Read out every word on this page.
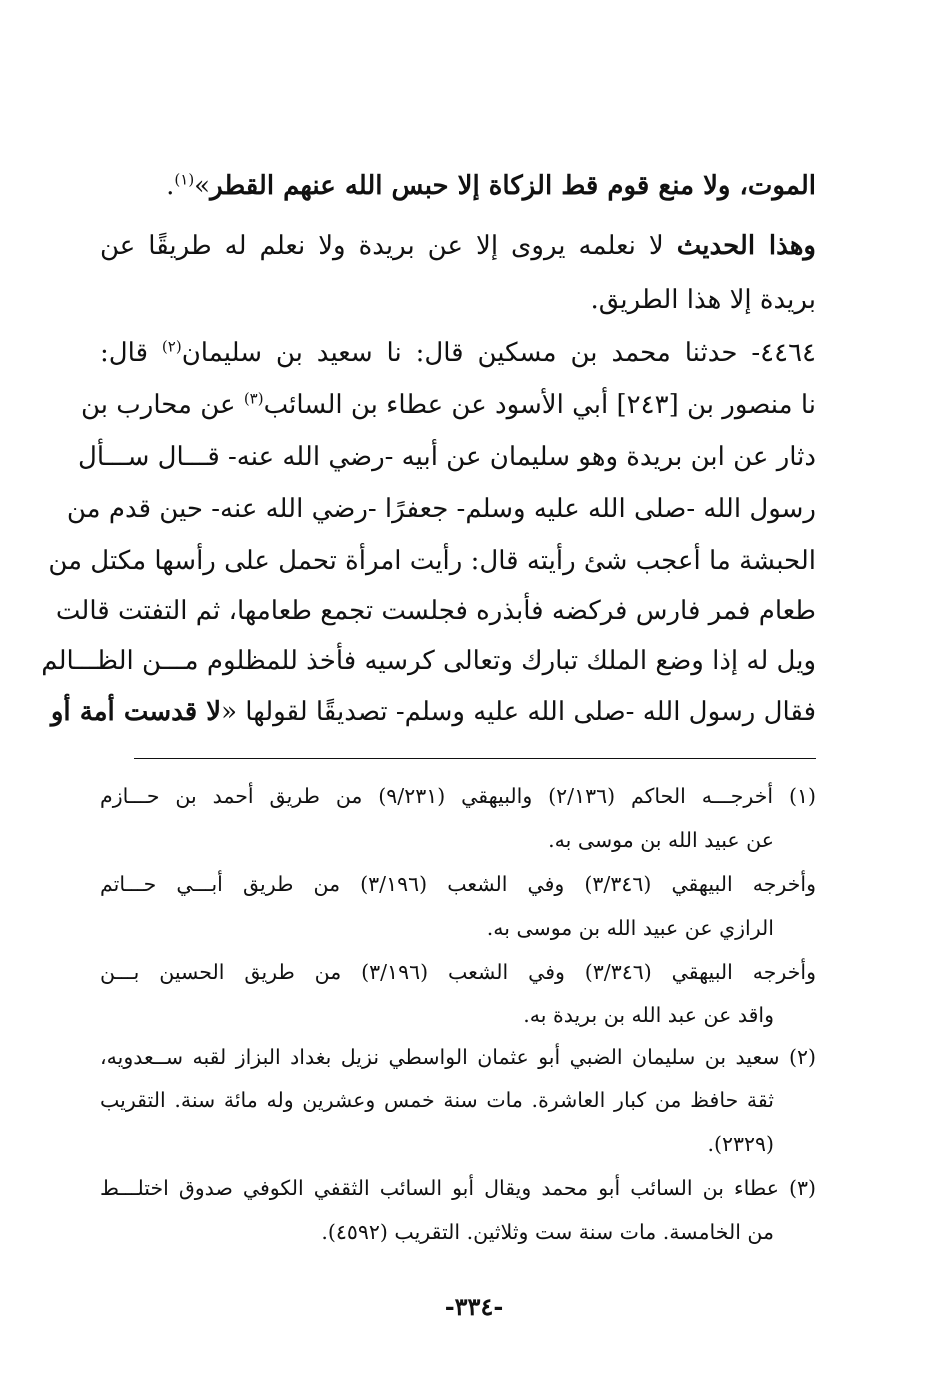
الموت، ولا منع قوم قط الزكاة إلا حبس الله عنهم القطر»$^{(١)}$.
وهذا الحديث لا نعلمه يروى إلا عن بريدة ولا نعلم له طريقًا عن
بريدة إلا هذا الطريق.
٤٤٦٤- حدثنا محمد بن مسكين قال: نا سعيد بن سليمان$^{(٢)}$ قال:
نا منصور بن [٢٤٣] أبي الأسود عن عطاء بن السائب$^{(٣)}$ عن محارب بن
دثار عن ابن بريدة وهو سليمان عن أبيه -رضي الله عنه- قـــال ســـأل
رسول الله -صلى الله عليه وسلم- جعفرًا -رضي الله عنه- حين قدم من
الحبشة ما أعجب شئ رأيته قال: رأيت امرأة تحمل على رأسها مكتل من
طعام فمر فارس فركضه فأبذره فجلست تجمع طعامها، ثم التفتت قالت
ويل له إذا وضع الملك تبارك وتعالى كرسيه فأخذ للمظلوم مـــن الظـــالم
فقال رسول الله -صلى الله عليه وسلم- تصديقًا لقولها «لا قدست أمة أو
(١) أخرجـــه الحاكم (٢/١٣٦) والبيهقي (٩/٢٣١) من طريق أحمد بن حـــازم
عن عبيد الله بن موسى به.
وأخرجه البيهقي (٣/٣٤٦) وفي الشعب (٣/١٩٦) من طريق أبـــي حـــاتم
الرازي عن عبيد الله بن موسى به.
وأخرجه البيهقي (٣/٣٤٦) وفي الشعب (٣/١٩٦) من طريق الحسين بـــن
واقد عن عبد الله بن بريدة به.
(٢) سعيد بن سليمان الضبي أبو عثمان الواسطي نزيل بغداد البزاز لقبه ســعدويه،
ثقة حافظ من كبار العاشرة. مات سنة خمس وعشرين وله مائة سنة. التقريب
(٢٣٢٩).
(٣) عطاء بن السائب أبو محمد ويقال أبو السائب الثقفي الكوفي صدوق اختلـــط
من الخامسة. مات سنة ست وثلاثين. التقريب (٤٥٩٢).
-٣٣٤-
